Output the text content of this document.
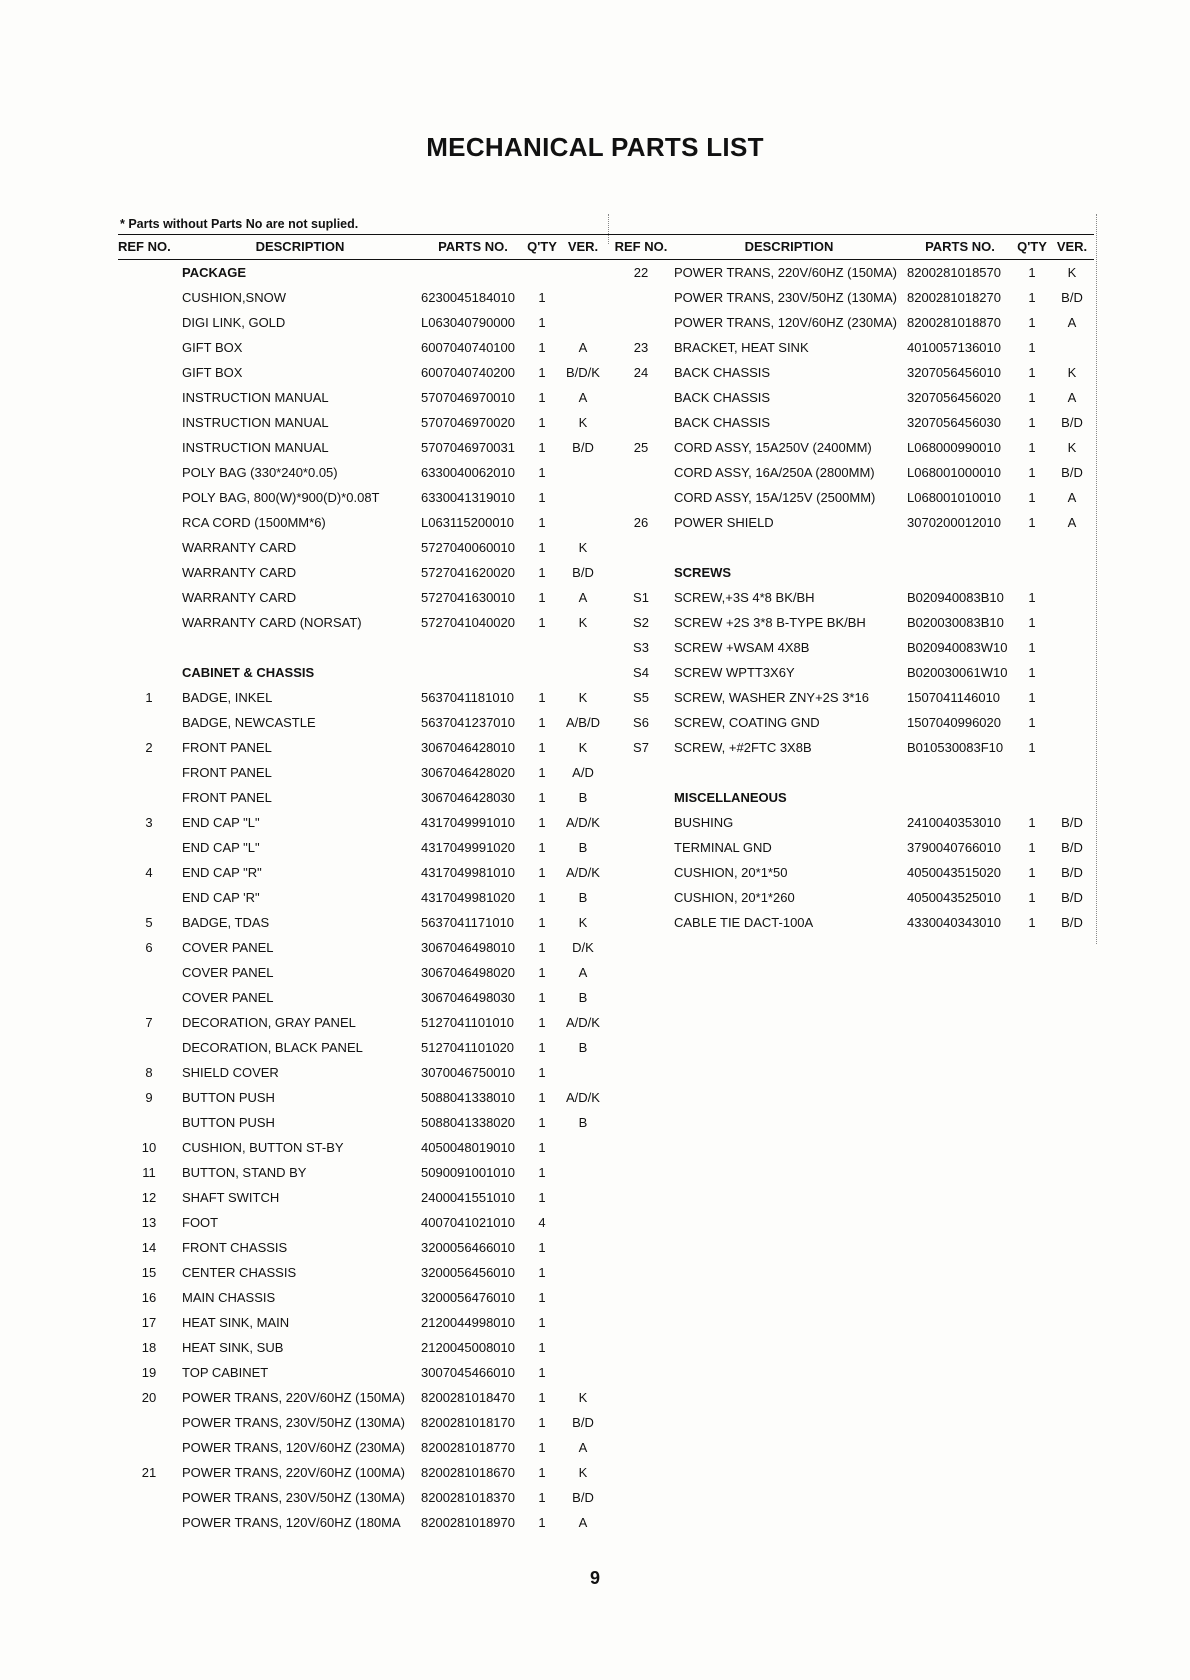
MECHANICAL PARTS LIST
* Parts without Parts No are not suplied.
REF NO.	DESCRIPTION	PARTS NO.	Q'TY	VER.
	PACKAGE			
	CUSHION,SNOW	6230045184010	1	
	DIGI LINK, GOLD	L063040790000	1	
	GIFT BOX	6007040740100	1	A
	GIFT BOX	6007040740200	1	B/D/K
	INSTRUCTION MANUAL	5707046970010	1	A
	INSTRUCTION MANUAL	5707046970020	1	K
	INSTRUCTION MANUAL	5707046970031	1	B/D
	POLY BAG (330*240*0.05)	6330040062010	1	
	POLY BAG, 800(W)*900(D)*0.08T	6330041319010	1	
	RCA CORD (1500MM*6)	L063115200010	1	
	WARRANTY CARD	5727040060010	1	K
	WARRANTY CARD	5727041620020	1	B/D
	WARRANTY CARD	5727041630010	1	A
	WARRANTY CARD (NORSAT)	5727041040020	1	K

	CABINET & CHASSIS			
1	BADGE, INKEL	5637041181010	1	K
	BADGE, NEWCASTLE	5637041237010	1	A/B/D
2	FRONT PANEL	3067046428010	1	K
	FRONT PANEL	3067046428020	1	A/D
	FRONT PANEL	3067046428030	1	B
3	END CAP "L"	4317049991010	1	A/D/K
	END CAP "L"	4317049991020	1	B
4	END CAP "R"	4317049981010	1	A/D/K
	END CAP 'R"	4317049981020	1	B
5	BADGE, TDAS	5637041171010	1	K
6	COVER PANEL	3067046498010	1	D/K
	COVER PANEL	3067046498020	1	A
	COVER PANEL	3067046498030	1	B
7	DECORATION, GRAY PANEL	5127041101010	1	A/D/K
	DECORATION, BLACK PANEL	5127041101020	1	B
8	SHIELD COVER	3070046750010	1	
9	BUTTON PUSH	5088041338010	1	A/D/K
	BUTTON PUSH	5088041338020	1	B
10	CUSHION, BUTTON ST-BY	4050048019010	1	
11	BUTTON, STAND BY	5090091001010	1	
12	SHAFT SWITCH	2400041551010	1	
13	FOOT	4007041021010	4	
14	FRONT CHASSIS	3200056466010	1	
15	CENTER CHASSIS	3200056456010	1	
16	MAIN CHASSIS	3200056476010	1	
17	HEAT SINK, MAIN	2120044998010	1	
18	HEAT SINK, SUB	2120045008010	1	
19	TOP CABINET	3007045466010	1	
20	POWER TRANS, 220V/60HZ (150MA)	8200281018470	1	K
	POWER TRANS, 230V/50HZ (130MA)	8200281018170	1	B/D
	POWER TRANS, 120V/60HZ (230MA)	8200281018770	1	A
21	POWER TRANS, 220V/60HZ (100MA)	8200281018670	1	K
	POWER TRANS, 230V/50HZ (130MA)	8200281018370	1	B/D
	POWER TRANS, 120V/60HZ (180MA	8200281018970	1	A
REF NO.	DESCRIPTION	PARTS NO.	Q'TY	VER.
22	POWER TRANS, 220V/60HZ (150MA)	8200281018570	1	K
	POWER TRANS, 230V/50HZ (130MA)	8200281018270	1	B/D
	POWER TRANS, 120V/60HZ (230MA)	8200281018870	1	A
23	BRACKET, HEAT SINK	4010057136010	1	
24	BACK CHASSIS	3207056456010	1	K
	BACK CHASSIS	3207056456020	1	A
	BACK CHASSIS	3207056456030	1	B/D
25	CORD ASSY, 15A250V (2400MM)	L068000990010	1	K
	CORD ASSY, 16A/250A (2800MM)	L068001000010	1	B/D
	CORD ASSY, 15A/125V (2500MM)	L068001010010	1	A
26	POWER SHIELD	3070200012010	1	A

	SCREWS			
S1	SCREW,+3S 4*8 BK/BH	B020940083B10	1	
S2	SCREW +2S 3*8 B-TYPE BK/BH	B020030083B10	1	
S3	SCREW +WSAM 4X8B	B020940083W10	1	
S4	SCREW WPTT3X6Y	B020030061W10	1	
S5	SCREW, WASHER ZNY+2S 3*16	1507041146010	1	
S6	SCREW, COATING GND	1507040996020	1	
S7	SCREW, +#2FTC 3X8B	B010530083F10	1	

	MISCELLANEOUS			
	BUSHING	2410040353010	1	B/D
	TERMINAL GND	3790040766010	1	B/D
	CUSHION, 20*1*50	4050043515020	1	B/D
	CUSHION, 20*1*260	4050043525010	1	B/D
	CABLE TIE DACT-100A	4330040343010	1	B/D
9
